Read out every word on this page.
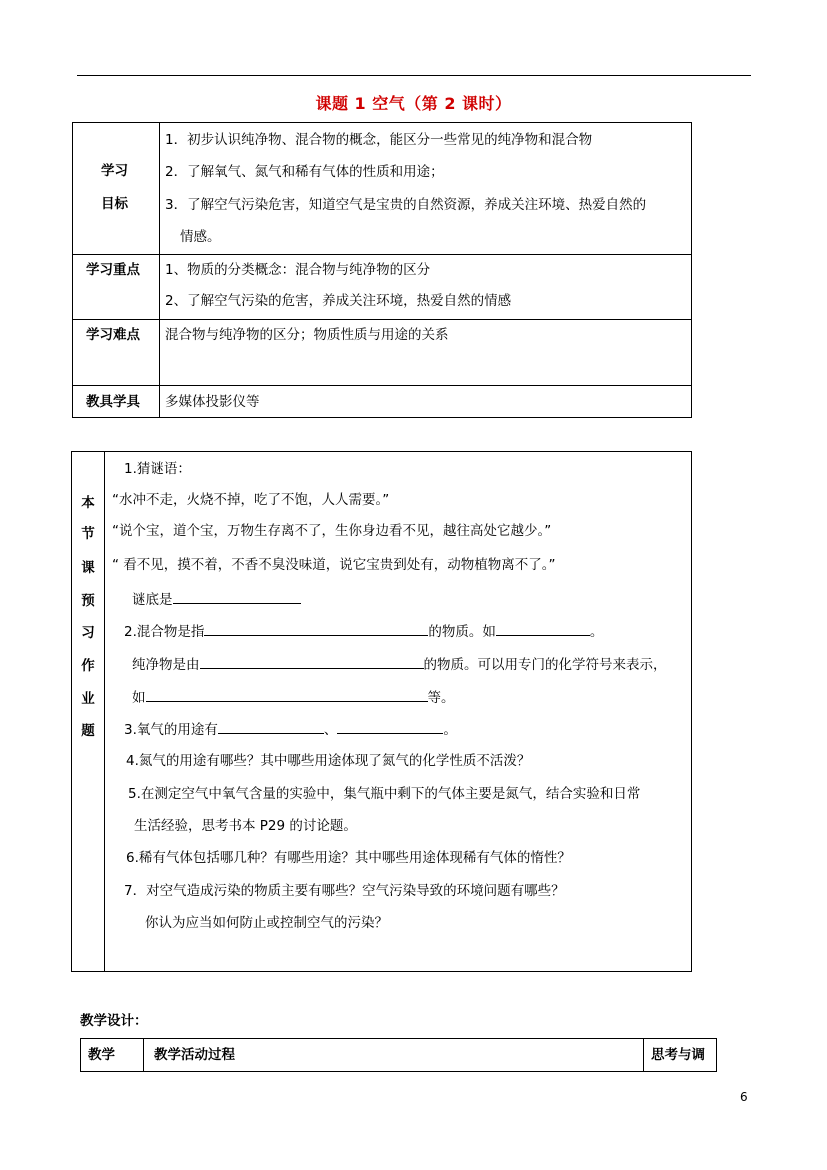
课题 1 空气（第 2 课时）
学习
目标
1．初步认识纯净物、混合物的概念，能区分一些常见的纯净物和混合物
2．了解氧气、氮气和稀有气体的性质和用途；
3．了解空气污染危害，知道空气是宝贵的自然资源，养成关注环境、热爱自然的
情感。
学习重点 1、物质的分类概念：混合物与纯净物的区分
2、了解空气污染的危害，养成关注环境，热爱自然的情感
学习难点 混合物与纯净物的区分；物质性质与用途的关系
教具学具 多媒体投影仪等
本
节
课
预
习
作
业
题
1.猜谜语：
“水冲不走，火烧不掉，吃了不饱，人人需要。”
“说个宝，道个宝，万物生存离不了，生你身边看不见，越往高处它越少。”
“ 看不见，摸不着，不香不臭没味道，说它宝贵到处有，动物植物离不了。”
谜底是
2.混合物是指	的物质。如	。
纯净物是由	的物质。可以用专门的化学符号来表示，
如	等。
3.氧气的用途有	、	。
4.氮气的用途有哪些？其中哪些用途体现了氮气的化学性质不活泼？
5.在测定空气中氧气含量的实验中，集气瓶中剩下的气体主要是氮气，结合实验和日常
生活经验，思考书本 P29 的讨论题。
6.稀有气体包括哪几种？有哪些用途？其中哪些用途体现稀有气体的惰性？
7．对空气造成污染的物质主要有哪些？空气污染导致的环境问题有哪些？
你认为应当如何防止或控制空气的污染？
教学设计：
教学	教学活动过程	思考与调
6
